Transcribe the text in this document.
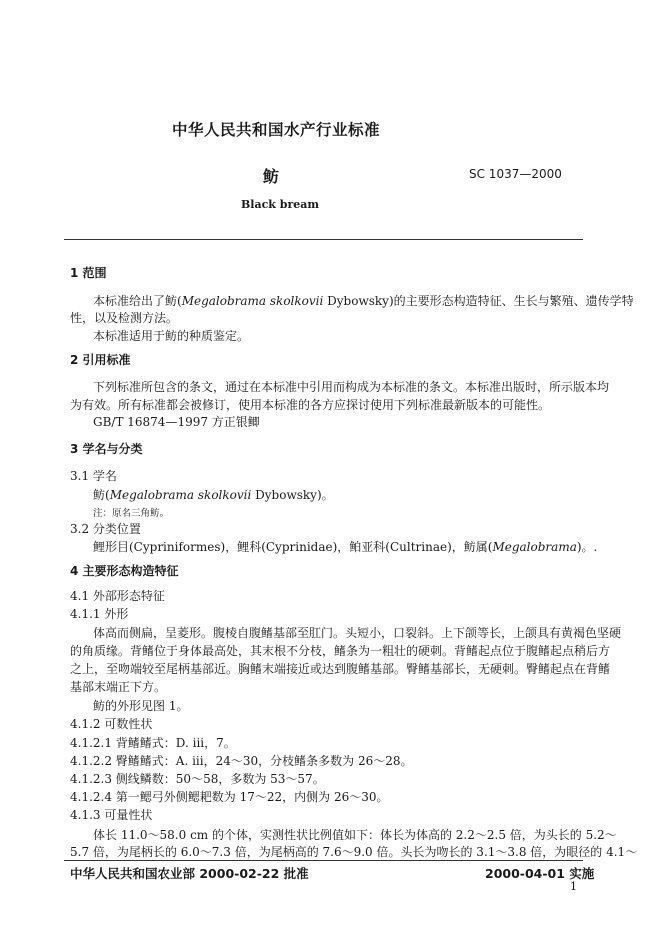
中华人民共和国水产行业标准
鲂	SC 1037—2000
Black bream
1 范围
本标准给出了鲂(Megalobrama skolkovii Dybowsky)的主要形态构造特征、生长与繁殖、遗传学特
性，以及检测方法。
本标准适用于鲂的种质鉴定。
2 引用标准
下列标准所包含的条文，通过在本标准中引用而构成为本标准的条文。本标准出版时，所示版本均
为有效。所有标准都会被修订，使用本标准的各方应探讨使用下列标准最新版本的可能性。
GB/T 16874—1997 方正银鲫
3 学名与分类
3.1 学名
鲂(Megalobrama skolkovii Dybowsky)。
注：原名三角鲂。
3.2 分类位置
鲤形目(Cypriniformes)，鲤科(Cyprinidae)，鲌亚科(Cultrinae)，鲂属(Megalobrama)。.
4 主要形态构造特征
4.1 外部形态特征
4.1.1 外形
体高而侧扁，呈菱形。腹棱自腹鳍基部至肛门。头短小，口裂斜。上下颌等长，上颌具有黄褐色坚硬
的角质缘。背鳍位于身体最高处，其末根不分枝，鳍条为一粗壮的硬刺。背鳍起点位于腹鳍起点稍后方
之上，至吻端较至尾柄基部近。胸鳍末端接近或达到腹鳍基部。臀鳍基部长，无硬刺。臀鳍起点在背鳍
基部末端正下方。
鲂的外形见图 1。
4.1.2 可数性状
4.1.2.1 背鳍鳍式：D. iii，7。
4.1.2.2 臀鳍鳍式：A. iii，24～30，分枝鳍条多数为 26～28。
4.1.2.3 侧线鳞数：50～58，多数为 53～57。
4.1.2.4 第一鳃弓外侧鳃耙数为 17～22，内侧为 26～30。
4.1.3 可量性状
体长 11.0～58.0 cm 的个体，实测性状比例值如下：体长为体高的 2.2～2.5 倍，为头长的 5.2～
5.7 倍，为尾柄长的 6.0～7.3 倍，为尾柄高的 7.6～9.0 倍。头长为吻长的 3.1～3.8 倍，为眼径的 4.1～
中华人民共和国农业部 2000-02-22 批准	2000-04-01 实施
1
